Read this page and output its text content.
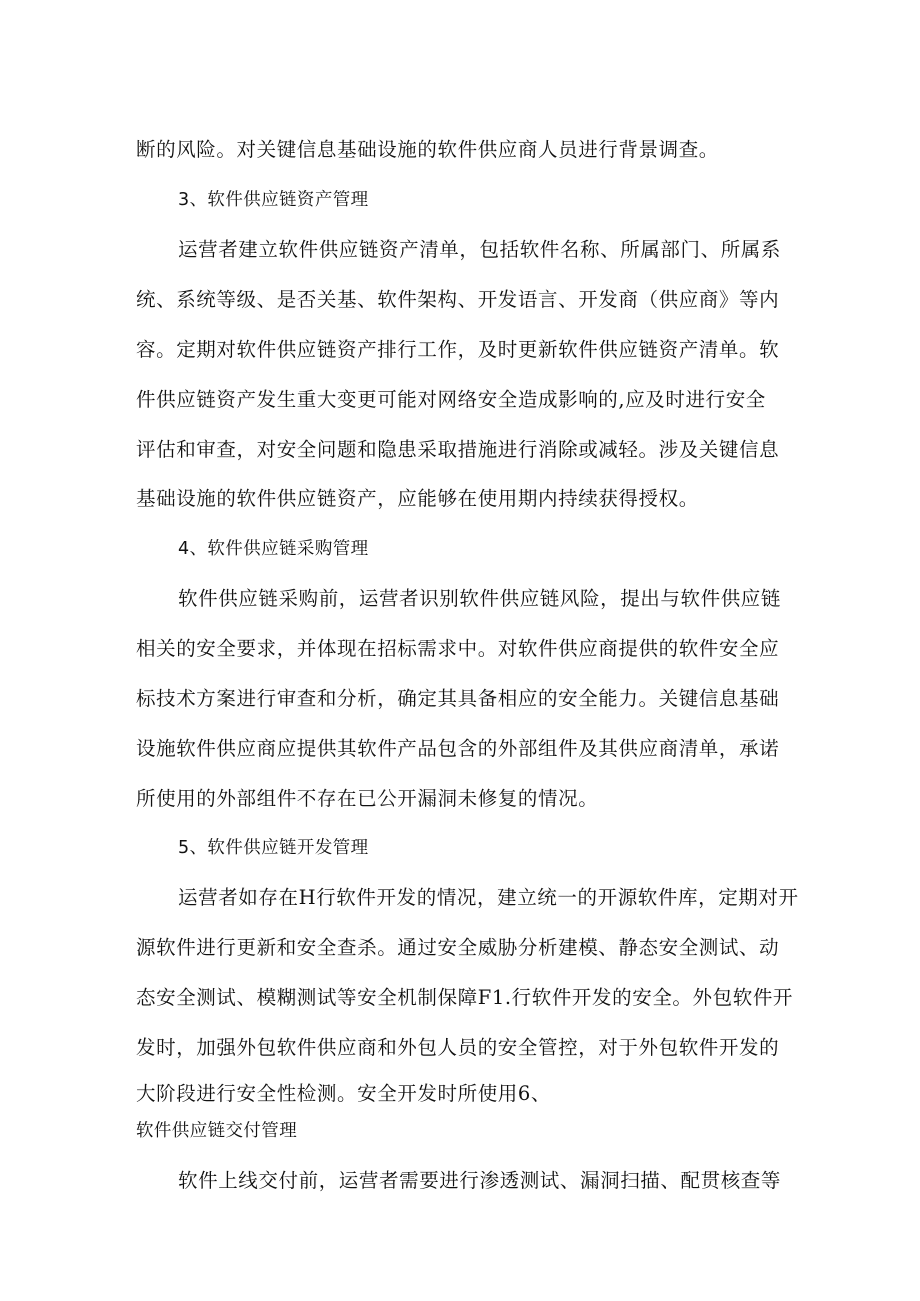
断的风险。对关键信息基础设施的软件供应商人员进行背景调查。
3、软件供应链资产管理
运营者建立软件供应链资产清单，包括软件名称、所属部门、所属系
统、系统等级、是否关基、软件架构、开发语言、开发商（供应商》等内
容。定期对软件供应链资产排行工作，及时更新软件供应链资产清单。软
件供应链资产发生重大变更可能对网络安全造成影响的,应及时进行安全
评估和审查，对安全问题和隐患采取措施进行消除或减轻。涉及关键信息
基础设施的软件供应链资产，应能够在使用期内持续获得授权。
4、软件供应链采购管理
软件供应链采购前，运营者识别软件供应链风险，提出与软件供应链
相关的安全要求，并体现在招标需求中。对软件供应商提供的软件安全应
标技术方案进行审查和分析，确定其具备相应的安全能力。关键信息基础
设施软件供应商应提供其软件产品包含的外部组件及其供应商清单，承诺
所使用的外部组件不存在已公开漏洞未修复的情况。
5、软件供应链开发管理
运营者如存在H行软件开发的情况，建立统一的开源软件库，定期对开
源软件进行更新和安全查杀。通过安全威胁分析建模、静态安全测试、动
态安全测试、模糊测试等安全机制保障F1.行软件开发的安全。外包软件开
发时，加强外包软件供应商和外包人员的安全管控，对于外包软件开发的
大阶段进行安全性检测。安全开发时所使用6、
软件供应链交付管理
软件上线交付前，运营者需要进行渗透测试、漏洞扫描、配贯核查等
